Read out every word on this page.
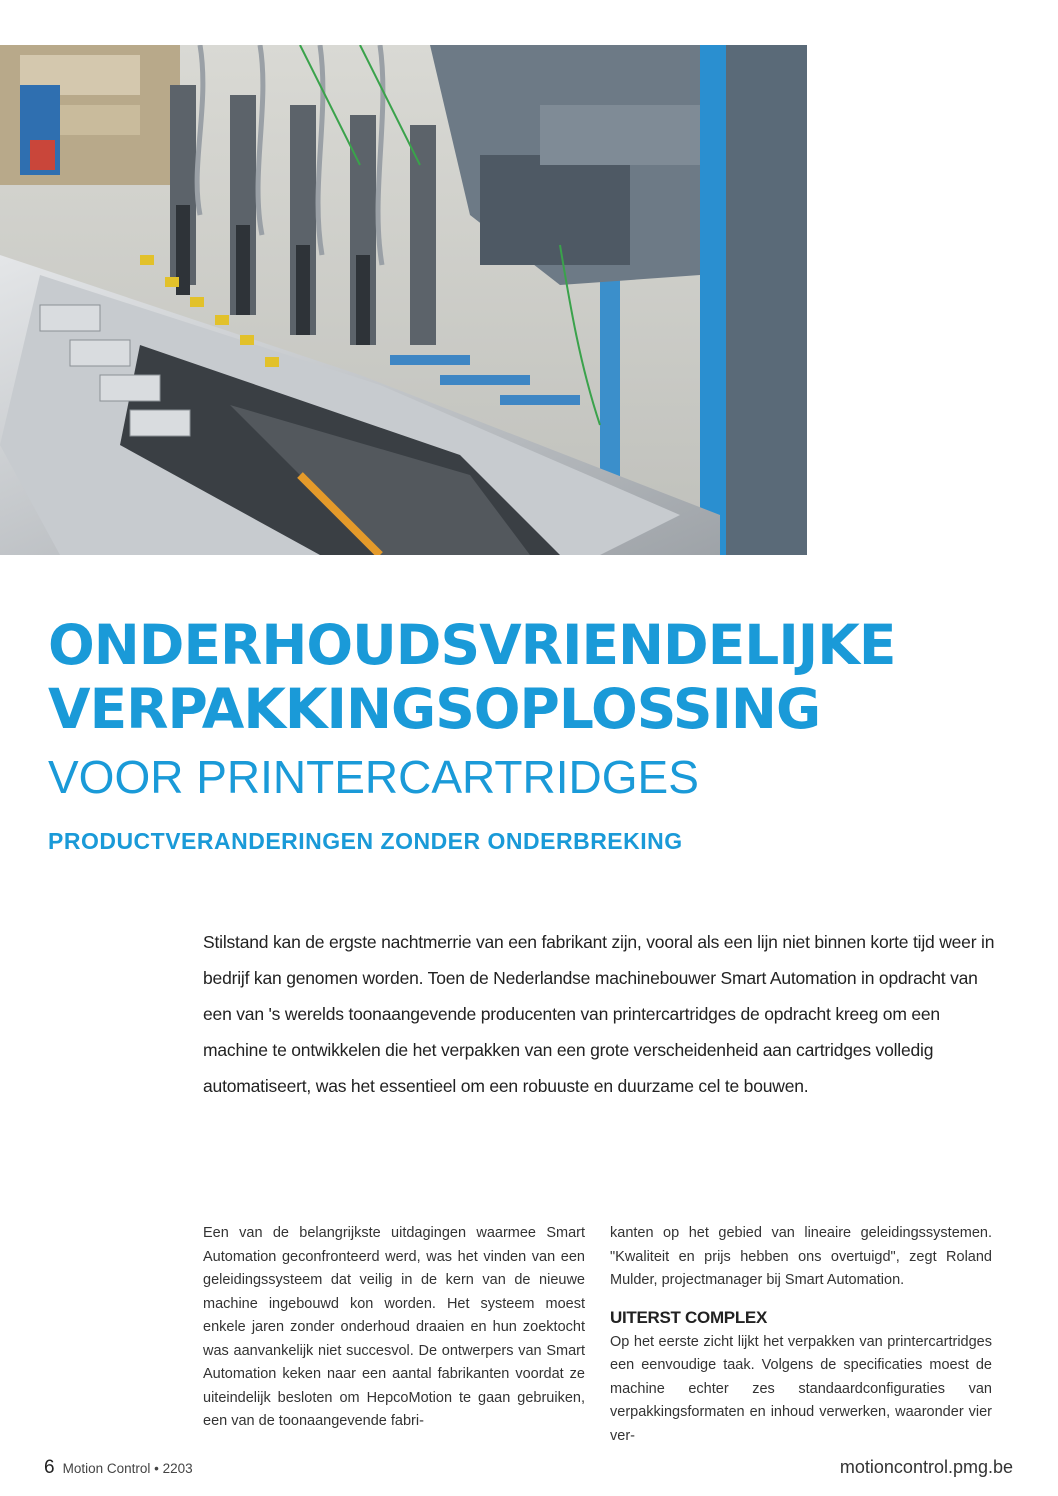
ONDERHOUDSVRIENDELIJKE
VERPAKKINGSOPLOSSING
VOOR PRINTERCARTRIDGES
PRODUCTVERANDERINGEN ZONDER ONDERBREKING

Stilstand kan de ergste nachtmerrie van een fabrikant zijn, vooral als een lijn niet binnen korte tijd weer in bedrijf kan genomen worden. Toen de Nederlandse machinebouwer Smart Automation in opdracht van een van 's werelds toonaangevende producenten van printercartridges de opdracht kreeg om een machine te ontwikkelen die het verpakken van een grote verscheidenheid aan cartridges volledig automatiseert, was het essentieel om een robuuste en duurzame cel te bouwen.

Een van de belangrijkste uitdagingen waarmee Smart Automation geconfronteerd werd, was het vinden van een geleidingssysteem dat veilig in de kern van de nieuwe machine ingebouwd kon worden. Het systeem moest enkele jaren zonder onderhoud draaien en hun zoektocht was aanvankelijk niet succesvol. De ontwerpers van Smart Automation keken naar een aantal fabrikanten voordat ze uiteindelijk besloten om HepcoMotion te gaan gebruiken, een van de toonaangevende fabri-

kanten op het gebied van lineaire geleidingssystemen. "Kwaliteit en prijs hebben ons overtuigd", zegt Roland Mulder, projectmanager bij Smart Automation.

UITERST COMPLEX

Op het eerste zicht lijkt het verpakken van printercartridges een eenvoudige taak. Volgens de specificaties moest de machine echter zes standaardconfiguraties van verpakkingsformaten en inhoud verwerken, waaronder vier ver-

6 Motion Control • 2203	motioncontrol.pmg.be
